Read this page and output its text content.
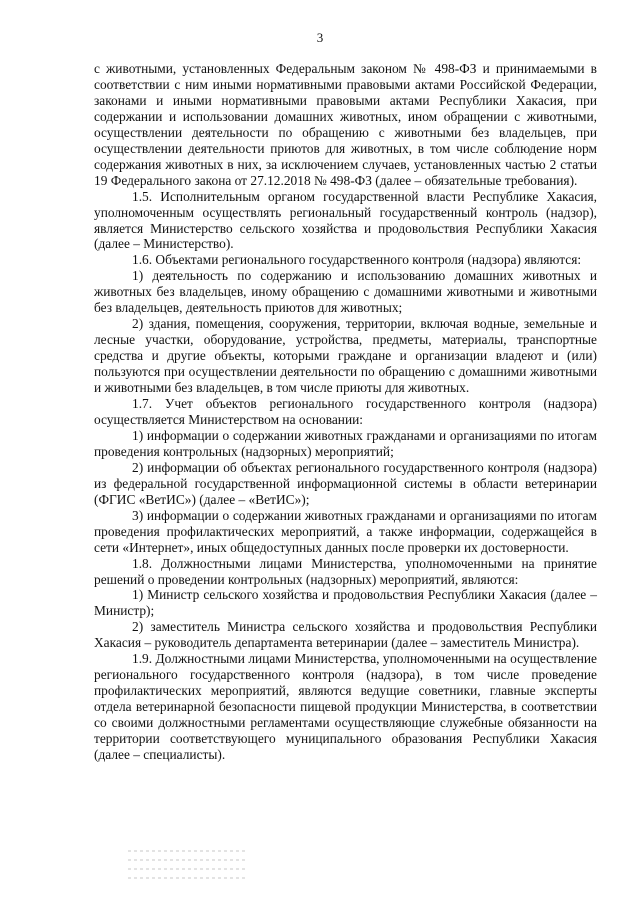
3

с животными, установленных Федеральным законом № 498-ФЗ и принимаемыми в соответствии с ним иными нормативными правовыми актами Российской Федерации, законами и иными нормативными правовыми актами Республики Хакасия, при содержании и использовании домашних животных, ином обращении с животными, осуществлении деятельности по обращению с животными без владельцев, при осуществлении деятельности приютов для животных, в том числе соблюдение норм содержания животных в них, за исключением случаев, установленных частью 2 статьи 19 Федерального закона от 27.12.2018 № 498-ФЗ (далее – обязательные требования).

1.5. Исполнительным органом государственной власти Республике Хакасия, уполномоченным осуществлять региональный государственный контроль (надзор), является Министерство сельского хозяйства и продовольствия Республики Хакасия (далее – Министерство).

1.6. Объектами регионального государственного контроля (надзора) являются:

1) деятельность по содержанию и использованию домашних животных и животных без владельцев, иному обращению с домашними животными и животными без владельцев, деятельность приютов для животных;

2) здания, помещения, сооружения, территории, включая водные, земельные и лесные участки, оборудование, устройства, предметы, материалы, транспортные средства и другие объекты, которыми граждане и организации владеют и (или) пользуются при осуществлении деятельности по обращению с домашними животными и животными без владельцев, в том числе приюты для животных.

1.7. Учет объектов регионального государственного контроля (надзора) осуществляется Министерством на основании:

1) информации о содержании животных гражданами и организациями по итогам проведения контрольных (надзорных) мероприятий;

2) информации об объектах регионального государственного контроля (надзора) из федеральной государственной информационной системы в области ветеринарии (ФГИС «ВетИС») (далее – «ВетИС»);

3) информации о содержании животных гражданами и организациями по итогам проведения профилактических мероприятий, а также информации, содержащейся в сети «Интернет», иных общедоступных данных после проверки их достоверности.

1.8. Должностными лицами Министерства, уполномоченными на принятие решений о проведении контрольных (надзорных) мероприятий, являются:

1) Министр сельского хозяйства и продовольствия Республики Хакасия (далее – Министр);

2) заместитель Министра сельского хозяйства и продовольствия Республики Хакасия – руководитель департамента ветеринарии (далее – заместитель Министра).

1.9. Должностными лицами Министерства, уполномоченными на осуществление регионального государственного контроля (надзора), в том числе проведение профилактических мероприятий, являются ведущие советники, главные эксперты отдела ветеринарной безопасности пищевой продукции Министерства, в соответствии со своими должностными регламентами осуществляющие служебные обязанности на территории соответствующего муниципального образования Республики Хакасия (далее – специалисты).
